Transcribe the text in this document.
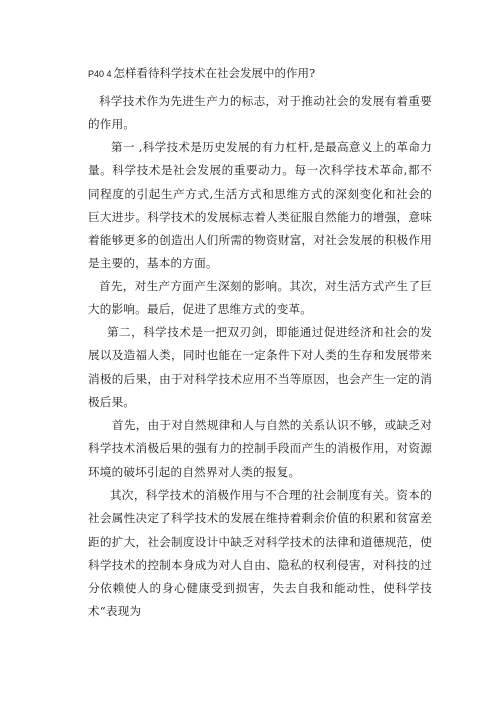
P40 4 怎样看待科学技术在社会发展中的作用?

科学技术作为先进生产力的标志，对于推动社会的发展有着重要的作用。

第一 ,科学技术是历史发展的有力杠杆,是最高意义上的革命力量。科学技术是社会发展的重要动力。每一次科学技术革命,都不同程度的引起生产方式,生活方式和思维方式的深刻变化和社会的巨大进步。科学技术的发展标志着人类征服自然能力的增强，意味着能够更多的创造出人们所需的物资财富，对社会发展的积极作用是主要的，基本的方面。

首先，对生产方面产生深刻的影响。其次，对生活方式产生了巨大的影响。最后，促进了思维方式的变革。

第二，科学技术是一把双刃剑，即能通过促进经济和社会的发展以及造福人类，同时也能在一定条件下对人类的生存和发展带来消极的后果，由于对科学技术应用不当等原因，也会产生一定的消极后果。

首先，由于对自然规律和人与自然的关系认识不够，或缺乏对科学技术消极后果的强有力的控制手段而产生的消极作用，对资源环境的破坏引起的自然界对人类的报复。

其次，科学技术的消极作用与不合理的社会制度有关。资本的社会属性决定了科学技术的发展在维持着剩余价值的积累和贫富差距的扩大，社会制度设计中缺乏对科学技术的法律和道德规范，使科学技术的控制本身成为对人自由、隐私的权利侵害，对科技的过分依赖使人的身心健康受到损害，失去自我和能动性，使科学技术“表现为
